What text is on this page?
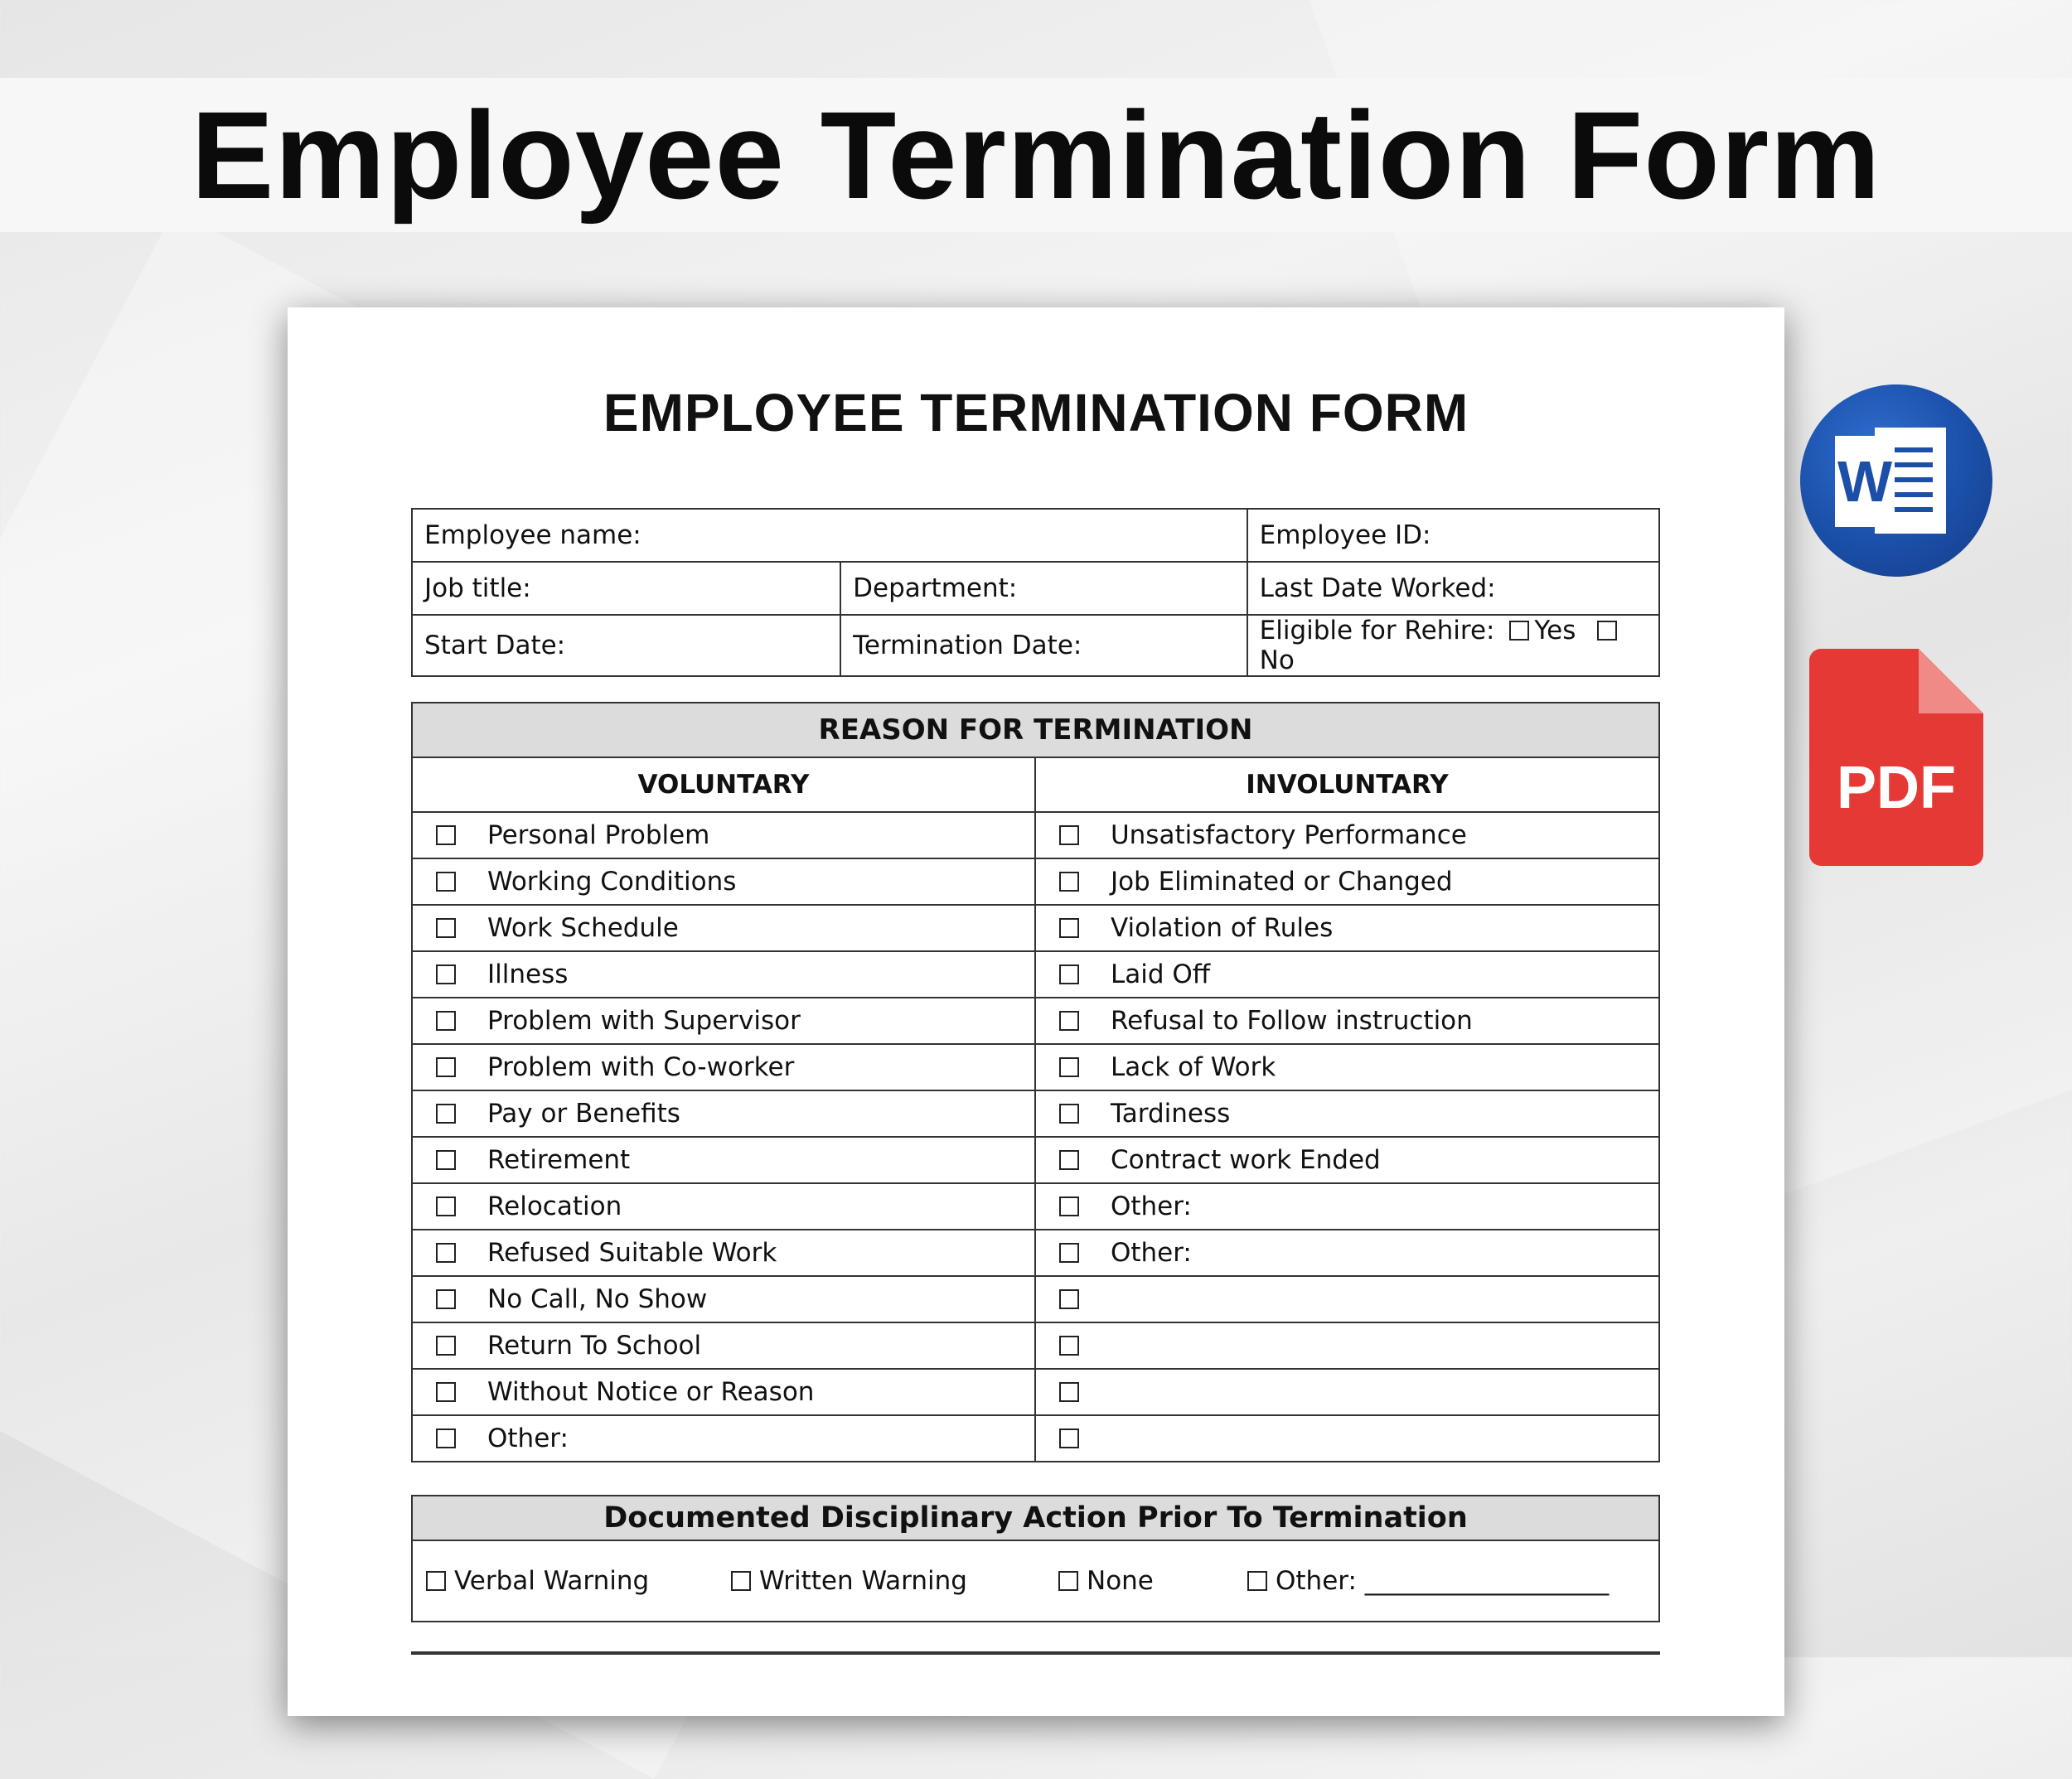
Employee Termination Form
EMPLOYEE TERMINATION FORM
Employee name:		Employee ID:
Job title:	Department:	Last Date Worked:
Start Date:	Termination Date:	Eligible for Rehire: Yes No
REASON FOR TERMINATION	
VOLUNTARY	INVOLUNTARY
Personal Problem	Unsatisfactory Performance
Working Conditions	Job Eliminated or Changed
Work Schedule	Violation of Rules
Illness	Laid Off
Problem with Supervisor	Refusal to Follow instruction
Problem with Co-worker	Lack of Work
Pay or Benefits	Tardiness
Retirement	Contract work Ended
Relocation	Other:
Refused Suitable Work	Other:
No Call, No Show	
Return To School	
Without Notice or Reason	
Other:	
Documented Disciplinary Action Prior To Termination

Verbal Warning	Written Warning	None	Other: ___________________
W
PDF
